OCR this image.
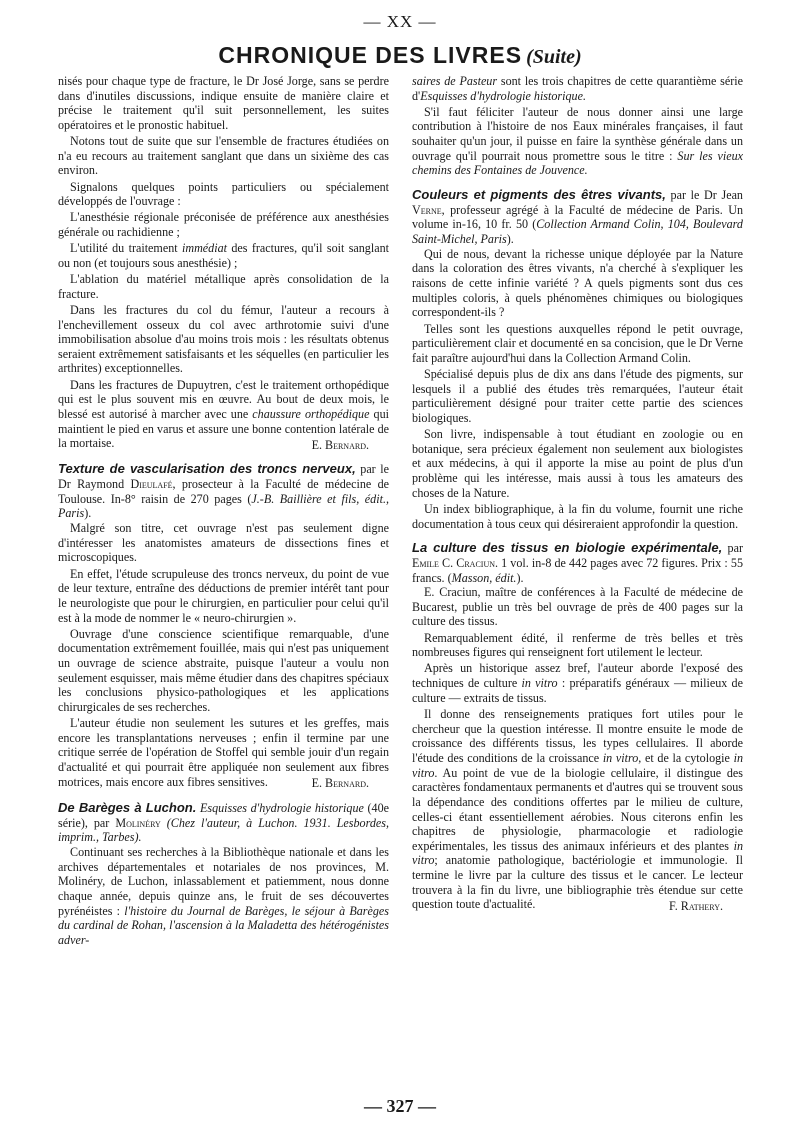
— XX —
CHRONIQUE DES LIVRES (Suite)

nisés pour chaque type de fracture, le Dr José Jorge, sans se perdre dans d'inutiles discussions, indique ensuite de manière claire et précise le traitement qu'il suit personnellement, les suites opératoires et le pronostic habituel.

Notons tout de suite que sur l'ensemble de fractures étudiées on n'a eu recours au traitement sanglant que dans un sixième des cas environ.

Signalons quelques points particuliers ou spécialement développés de l'ouvrage :

L'anesthésie régionale préconisée de préférence aux anesthésies générale ou rachidienne ;

L'utilité du traitement immédiat des fractures, qu'il soit sanglant ou non (et toujours sous anesthésie) ;

L'ablation du matériel métallique après consolidation de la fracture.

Dans les fractures du col du fémur, l'auteur a recours à l'enchevillement osseux du col avec arthrotomie suivi d'une immobilisation absolue d'au moins trois mois : les résultats obtenus seraient extrêmement satisfaisants et les séquelles (en particulier les arthrites) exceptionnelles.

Dans les fractures de Dupuytren, c'est le traitement orthopédique qui est le plus souvent mis en œuvre. Au bout de deux mois, le blessé est autorisé à marcher avec une chaussure orthopédique qui maintient le pied en varus et assure une bonne contention latérale de la mortaise.	E. Bernard.

Texture de vascularisation des troncs nerveux, par le Dr Raymond Dieulafé, prosecteur à la Faculté de médecine de Toulouse. In-8° raisin de 270 pages (J.-B. Baillière et fils, édit., Paris).

Malgré son titre, cet ouvrage n'est pas seulement digne d'intéresser les anatomistes amateurs de dissections fines et microscopiques.

En effet, l'étude scrupuleuse des troncs nerveux, du point de vue de leur texture, entraîne des déductions de premier intérêt tant pour le neurologiste que pour le chirurgien, en particulier pour celui qu'il est à la mode de nommer le « neuro-chirurgien ».

Ouvrage d'une conscience scientifique remarquable, d'une documentation extrêmement fouillée, mais qui n'est pas uniquement un ouvrage de science abstraite, puisque l'auteur a voulu non seulement esquisser, mais même étudier dans des chapitres spéciaux les conclusions physico-pathologiques et les applications chirurgicales de ses recherches.

L'auteur étudie non seulement les sutures et les greffes, mais encore les transplantations nerveuses ; enfin il termine par une critique serrée de l'opération de Stoffel qui semble jouir d'un regain d'actualité et qui pourrait être appliquée non seulement aux fibres motrices, mais encore aux fibres sensitives.	E. Bernard.

De Barèges à Luchon. Esquisses d'hydrologie historique (40e série), par Molinéry (Chez l'auteur, à Luchon. 1931. Lesbordes, imprim., Tarbes).

Continuant ses recherches à la Bibliothèque nationale et dans les archives départementales et notariales de nos provinces, M. Molinéry, de Luchon, inlassablement et patiemment, nous donne chaque année, depuis quinze ans, le fruit de ses découvertes pyrénéistes : l'histoire du Journal de Barèges, le séjour à Barèges du cardinal de Rohan, l'ascension à la Maladetta des hétérogénistes adver-

saires de Pasteur sont les trois chapitres de cette quarantième série d'Esquisses d'hydrologie historique.

S'il faut féliciter l'auteur de nous donner ainsi une large contribution à l'histoire de nos Eaux minérales françaises, il faut souhaiter qu'un jour, il puisse en faire la synthèse générale dans un ouvrage qu'il pourrait nous promettre sous le titre : Sur les vieux chemins des Fontaines de Jouvence.

Couleurs et pigments des êtres vivants, par le Dr Jean Verne, professeur agrégé à la Faculté de médecine de Paris. Un volume in-16, 10 fr. 50 (Collection Armand Colin, 104, Boulevard Saint-Michel, Paris).

Qui de nous, devant la richesse unique déployée par la Nature dans la coloration des êtres vivants, n'a cherché à s'expliquer les raisons de cette infinie variété ? A quels pigments sont dus ces multiples coloris, à quels phénomènes chimiques ou biologiques correspondent-ils ?

Telles sont les questions auxquelles répond le petit ouvrage, particulièrement clair et documenté en sa concision, que le Dr Verne fait paraître aujourd'hui dans la Collection Armand Colin.

Spécialisé depuis plus de dix ans dans l'étude des pigments, sur lesquels il a publié des études très remarquées, l'auteur était particulièrement désigné pour traiter cette partie des sciences biologiques.

Son livre, indispensable à tout étudiant en zoologie ou en botanique, sera précieux également non seulement aux biologistes et aux médecins, à qui il apporte la mise au point de plus d'un problème qui les intéresse, mais aussi à tous les amateurs des choses de la Nature.

Un index bibliographique, à la fin du volume, fournit une riche documentation à tous ceux qui désireraient approfondir la question.

La culture des tissus en biologie expérimentale, par Emile C. Craciun. 1 vol. in-8 de 442 pages avec 72 figures. Prix : 55 francs. (Masson, édit.).

E. Craciun, maître de conférences à la Faculté de médecine de Bucarest, publie un très bel ouvrage de près de 400 pages sur la culture des tissus.

Remarquablement édité, il renferme de très belles et très nombreuses figures qui renseignent fort utilement le lecteur.

Après un historique assez bref, l'auteur aborde l'exposé des techniques de culture in vitro : préparatifs généraux — milieux de culture — extraits de tissus.

Il donne des renseignements pratiques fort utiles pour le chercheur que la question intéresse. Il montre ensuite le mode de croissance des différents tissus, les types cellulaires. Il aborde l'étude des conditions de la croissance in vitro, et de la cytologie in vitro. Au point de vue de la biologie cellulaire, il distingue des caractères fondamentaux permanents et d'autres qui se trouvent sous la dépendance des conditions offertes par le milieu de culture, celles-ci étant essentiellement aérobies. Nous citerons enfin les chapitres de physiologie, pharmacologie et radiologie expérimentales, les tissus des animaux inférieurs et des plantes in vitro; anatomie pathologique, bactériologie et immunologie. Il termine le livre par la culture des tissus et le cancer. Le lecteur trouvera à la fin du livre, une bibliographie très étendue sur cette question toute d'actualité.	F. Rathery.

— 327 —
